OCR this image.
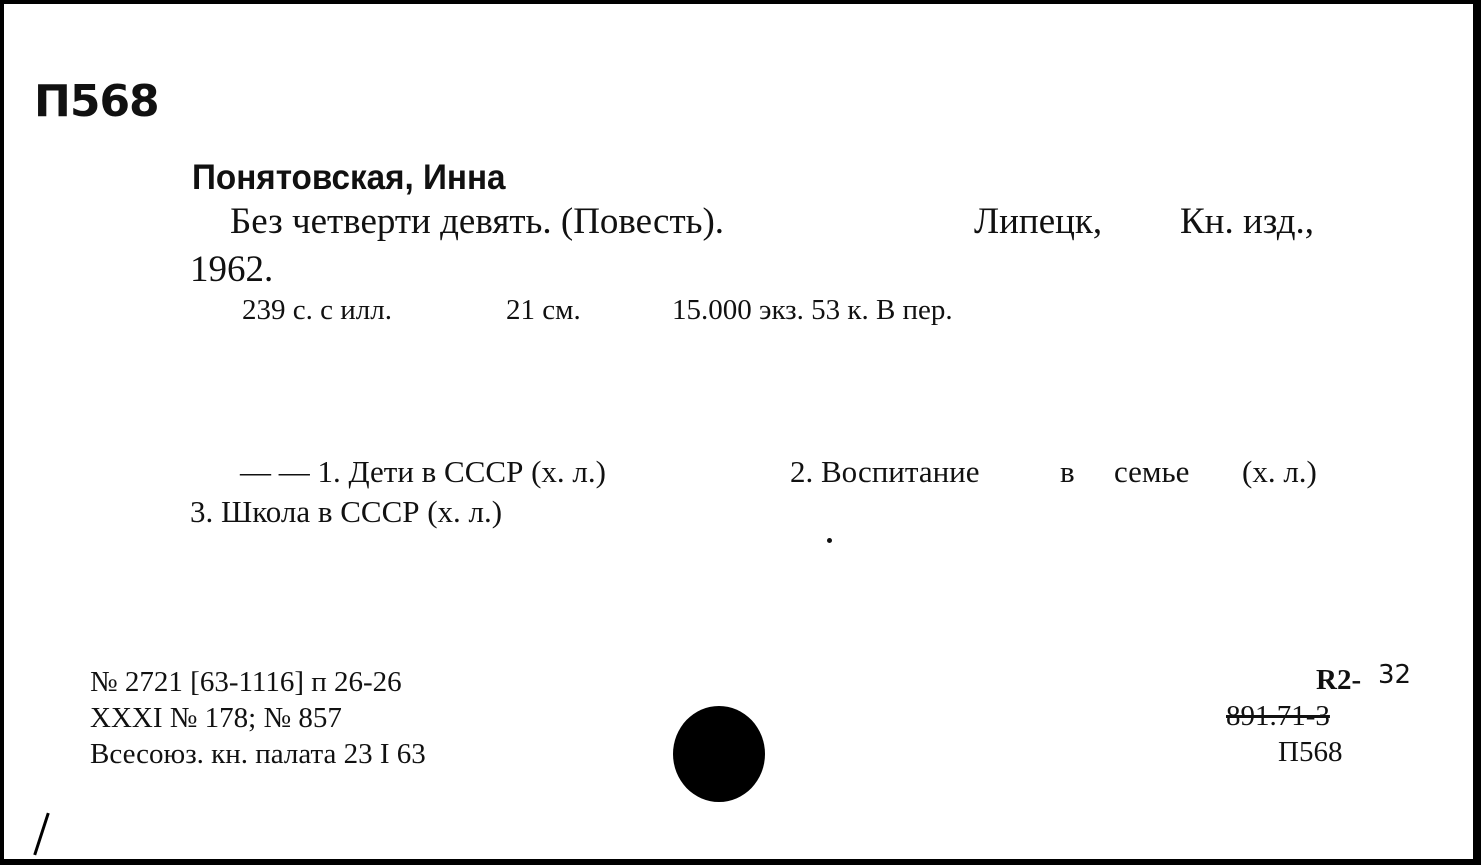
П568
Понятовская, Инна
Без четверти девять. (Повесть).	Липецк, Кн. изд.,
1962.
239 с. с илл.	21 см.	15.000 экз. 53 к. В пер.
— — 1. Дети в СССР (х. л.)	2. Воспитание	в семье (х. л.)
3. Школа в СССР (х. л.)
№ 2721 [63-1116] п 26-26
XXXI № 178; № 857
Всесоюз. кн. палата 23 I 63
R2- 32
891.71-3
П568
